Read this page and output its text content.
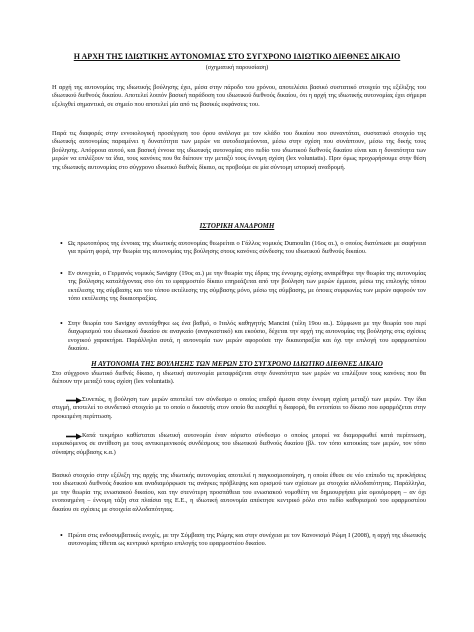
Η ΑΡΧΗ ΤΗΣ ΙΔΙΩΤΙΚΗΣ ΑΥΤΟΝΟΜΙΑΣ ΣΤΟ ΣΥΓΧΡΟΝΟ ΙΔΙΩΤΙΚΟ ΔΙΕΘΝΕΣ ΔΙΚΑΙΟ
(σχηματική παρουσίαση)

Η αρχή της αυτονομίας της ιδιωτικής βούλησης έχει, μέσα στην πάροδο του χρόνου, αποτελέσει βασικό συστατικό στοιχείο της εξέλιξης του ιδιωτικού διεθνούς δικαίου. Αποτελεί λοιπόν βασική παράδοση του ιδιωτικού διεθνούς δικαίου, ότι η αρχή της ιδιωτικής αυτονομίας έχει σήμερα εξελιχθεί σημαντικά, σε σημείο που αποτελεί μία από τις βασικές εκφάνσεις του.

Παρά τις διαφορές στην εννοιολογική προσέγγιση του όρου ανάλογα με τον κλάδο του δικαίου που συναντάται, συστατικό στοιχείο της ιδιωτικής αυτονομίας παραμένει η δυνατότητα των μερών να αυτοδεσμεύονται, μέσω στην σχέση που συνάπτουν, μέσω της δικής τους βούλησης. Απόρροια αυτού, και βασική έννοια της ιδιωτικής αυτονομίας στο πεδίο του ιδιωτικού διεθνούς δικαίου είναι και η δυνατότητα των μερών να επιλέξουν τα ίδια, τους κανόνες που θα διέπουν την μεταξύ τους έννομη σχέση (lex voluntatis). Πριν όμως προχωρήσουμε στην θέση της ιδιωτικής αυτονομίας στο σύγχρονο ιδιωτικό διεθνές δίκαιο, ας προβούμε σε μία σύντομη ιστορική αναδρομή.

ΙΣΤΟΡΙΚΗ ΑΝΑΔΡΟΜΗ
• Ως πρωτοπόρος της έννοιας της ιδιωτικής αυτονομίας θεωρείται ο Γάλλος νομικός Dumoulin (16ος αι.), ο οποίος διατύπωσε με σαφήνεια για πρώτη φορά, την θεωρία της αυτονομίας της βούλησης στους κανόνες σύνδεσης του ιδιωτικού διεθνούς δικαίου.
• Εν συνεχεία, ο Γερμανός νομικός Savigny (19ος αι.) με την θεωρία της έδρας της έννομης σχέσης αναιρέθηκε την θεωρία της αυτονομίας της βούλησης καταλήγοντας στο ότι το εφαρμοστέο δίκαιο επηρεάζεται από την βούληση των μερών έμμεσα, μέσω της επιλογής τόπου εκτέλεσης της σύμβασης και του τόπου εκτέλεσης της σύμβασης μόνο, μέσω της σύμβασης, με όποιες συμφωνίες των μερών αφορούν τον τόπο εκτέλεσης της δικαιοπραξίας.
• Στην θεωρία του Savigny αντιτάχθηκε ως ένα βαθμό, ο Ιταλός καθηγητής Mancini (τέλη 19ου αι.). Σύμφωνα με την θεωρία του περί διαχωρισμού του ιδιωτικού δικαίου σε αναγκαίο (αναγκαστικό) και εκούσιο, δέχεται την αρχή της αυτονομίας της βούλησης στις σχέσεις ενοχικού χαρακτήρα. Παράλληλα αυτά, η αυτονομία των μερών αφορούσε την δικαιοπραξία και όχι την επιλογή του εφαρμοστέου δικαίου.
Η ΑΥΤΟΝΟΜΙΑ ΤΗΣ ΒΟΥΛΗΣΗΣ ΤΩΝ ΜΕΡΩΝ ΣΤΟ ΣΥΓΧΡΟΝΟ ΙΔΙΩΤΙΚΟ ΔΙΕΘΝΕΣ ΔΙΚΑΙΟ

Στο σύγχρονο ιδιωτικό διεθνές δίκαιο, η ιδιωτική αυτονομία μεταφράζεται στην δυνατότητα των μερών να επιλέξουν τους κανόνες που θα διέπουν την μεταξύ τους σχέση (lex voluntatis).

Συνεπώς, η βούληση των μερών αποτελεί τον σύνδεσμο ο οποίος επιδρά άμεσα στην έννομη σχέση μεταξύ των μερών. Την ίδια στιγμή, αποτελεί το συνδετικό στοιχείο με το οποίο ο δικαστής στον οποίο θα εισαχθεί η διαφορά, θα εντοπίσει το δίκαιο που εφαρμόζεται στην προκειμένη περίπτωση.

Κατά τεκμήριο καθίσταται ιδιωτική αυτονομία έναν αόριστο σύνδεσμο ο οποίος μπορεί να διαμορφωθεί κατά περίπτωση, ευρισκόμενος σε αντίθεση με τους αντικειμενικούς συνδέσμους του ιδιωτικού διεθνούς δικαίου (βλ. τον τόπο κατοικίας των μερών, τον τόπο σύναψης σύμβασης κ.α.)

Βασικό στοιχείο στην εξέλιξη της αρχής της ιδιωτικής αυτονομίας αποτελεί η παγκοσμιοποίηση, η οποία έθεσε σε νέο επίπεδο τις προκλήσεις του ιδιωτικού διεθνούς δικαίου και αναδιαμόρφωσε τις ανάγκες πρόβλεψης και ορισμού των σχέσεων με στοιχεία αλλοδαπότητας. Παράλληλα, με την θεωρία της ενωσιακού δικαίου, και την στενότερη προσπάθεια του ενωσιακού νομοθέτη να δημιουργήσει μία ομοιόμορφη – αν όχι ενοποιημένη – έννομη τάξη στα πλαίσια της Ε.Ε., η ιδιωτική αυτονομία απέκτησε κεντρικό ρόλο στο πεδίο καθορισμού του εφαρμοστέου δικαίου σε σχέσεις με στοιχεία αλλοδαπότητας.

• Πρώτα στις ενδοσυμβατικές ενοχές, με την Σύμβαση της Ρώμης και στην συνέχεια με τον Κανονισμό Ρώμη Ι (2008), η αρχή της ιδιωτικής αυτονομίας τίθεται ως κεντρικό κριτήριο επιλογής του εφαρμοστέου δικαίου.
